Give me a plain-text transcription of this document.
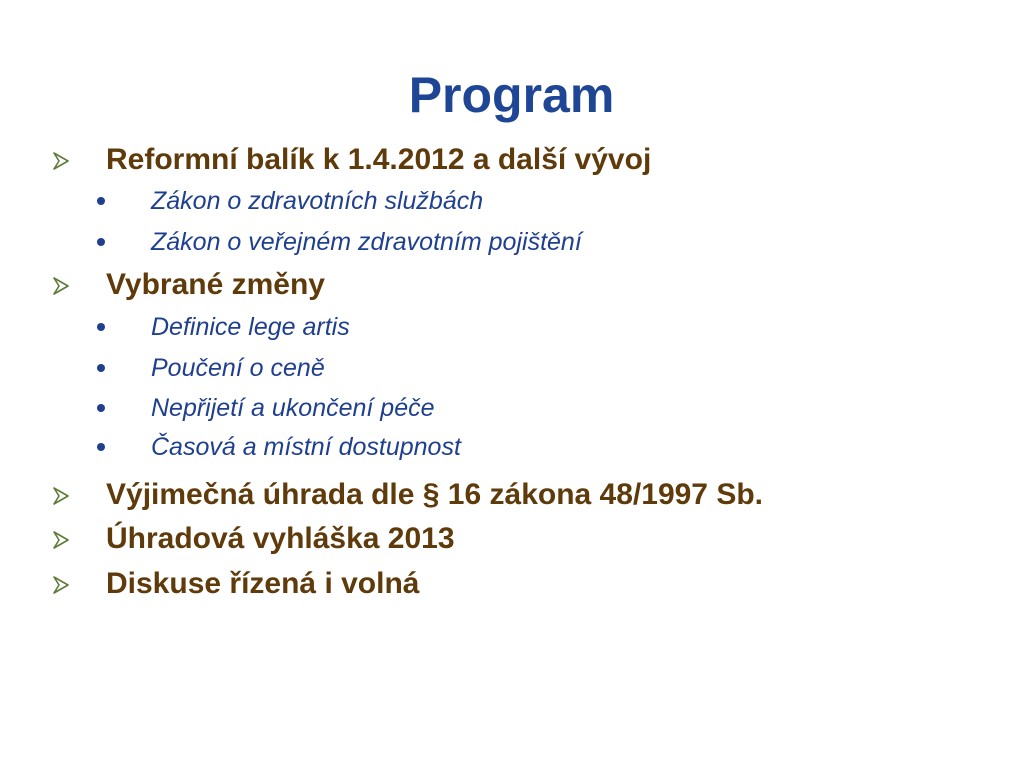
Program
Reformní balík k 1.4.2012 a další vývoj
Zákon o zdravotních službách
Zákon o veřejném zdravotním pojištění
Vybrané změny
Definice lege artis
Poučení o ceně
Nepřijetí a ukončení péče
Časová a místní dostupnost
Výjimečná úhrada dle § 16 zákona 48/1997 Sb.
Úhradová vyhláška 2013
Diskuse řízená i volná
